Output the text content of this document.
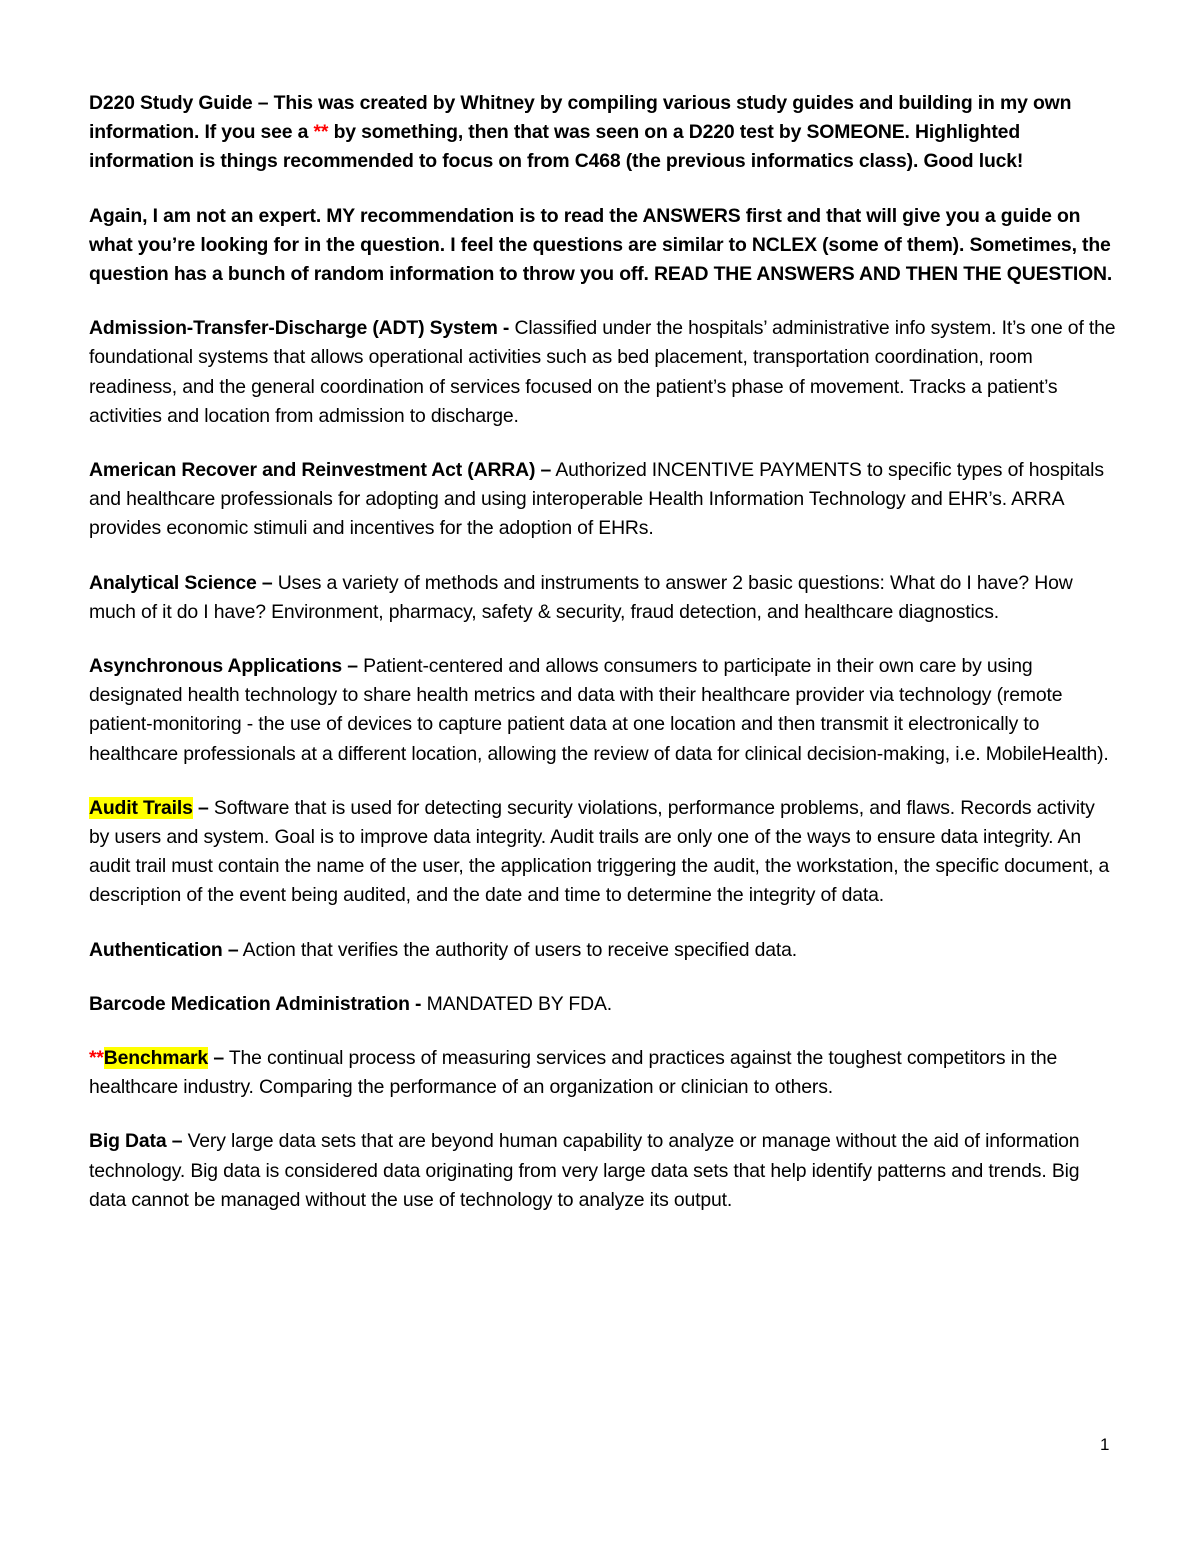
D220 Study Guide – This was created by Whitney by compiling various study guides and building in my own information. If you see a ** by something, then that was seen on a D220 test by SOMEONE. Highlighted information is things recommended to focus on from C468 (the previous informatics class). Good luck!

Again, I am not an expert. MY recommendation is to read the ANSWERS first and that will give you a guide on what you’re looking for in the question. I feel the questions are similar to NCLEX (some of them). Sometimes, the question has a bunch of random information to throw you off. READ THE ANSWERS AND THEN THE QUESTION.

Admission-Transfer-Discharge (ADT) System - Classified under the hospitals’ administrative info system. It’s one of the foundational systems that allows operational activities such as bed placement, transportation coordination, room readiness, and the general coordination of services focused on the patient’s phase of movement. Tracks a patient’s activities and location from admission to discharge.

American Recover and Reinvestment Act (ARRA) – Authorized INCENTIVE PAYMENTS to specific types of hospitals and healthcare professionals for adopting and using interoperable Health Information Technology and EHR’s. ARRA provides economic stimuli and incentives for the adoption of EHRs.

Analytical Science – Uses a variety of methods and instruments to answer 2 basic questions: What do I have? How much of it do I have? Environment, pharmacy, safety & security, fraud detection, and healthcare diagnostics.

Asynchronous Applications – Patient-centered and allows consumers to participate in their own care by using designated health technology to share health metrics and data with their healthcare provider via technology (remote patient-monitoring - the use of devices to capture patient data at one location and then transmit it electronically to healthcare professionals at a different location, allowing the review of data for clinical decision-making, i.e. MobileHealth).

Audit Trails – Software that is used for detecting security violations, performance problems, and flaws. Records activity by users and system. Goal is to improve data integrity. Audit trails are only one of the ways to ensure data integrity. An audit trail must contain the name of the user, the application triggering the audit, the workstation, the specific document, a description of the event being audited, and the date and time to determine the integrity of data.

Authentication – Action that verifies the authority of users to receive specified data.

Barcode Medication Administration - MANDATED BY FDA.

**Benchmark – The continual process of measuring services and practices against the toughest competitors in the healthcare industry. Comparing the performance of an organization or clinician to others.

Big Data – Very large data sets that are beyond human capability to analyze or manage without the aid of information technology. Big data is considered data originating from very large data sets that help identify patterns and trends. Big data cannot be managed without the use of technology to analyze its output.

1
